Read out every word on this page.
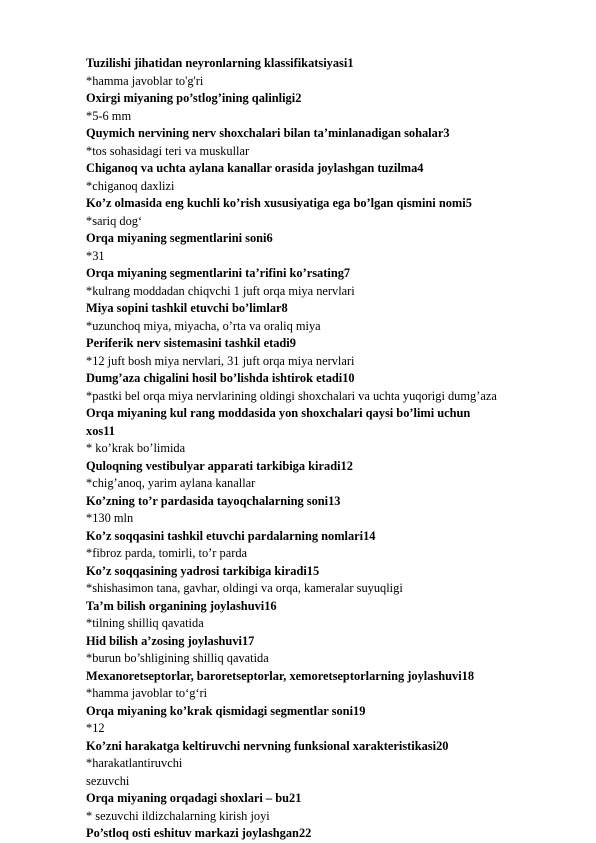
Tuzilishi jihatidan neyronlarning klassifikatsiyasi1
*hamma javoblar to'g'ri
Oxirgi miyaning po’stlog’ining qalinligi2
*5-6 mm
Quymich nervining nerv shoxchalari bilan ta’minlanadigan sohalar3
*tos sohasidagi teri va muskullar
Chiganoq va uchta aylana kanallar orasida joylashgan tuzilma4
*chiganoq daxlizi
Ko’z olmasida eng kuchli ko’rish xususiyatiga ega bo’lgan qismini nomi5
*sariq dog‘
Orqa miyaning segmentlarini soni6
*31
Orqa miyaning segmentlarini ta’rifini ko’rsating7
*kulrang moddadan chiqvchi 1 juft orqa miya nervlari
Miya sopini tashkil etuvchi bo’limlar8
*uzunchoq miya, miyacha, o’rta va oraliq miya
Periferik nerv sistemasini tashkil etadi9
*12 juft bosh miya nervlari, 31 juft orqa miya nervlari
Dumg’aza chigalini hosil bo’lishda ishtirok etadi10
*pastki bel orqa miya nervlarining oldingi shoxchalari va uchta yuqorigi dumg’aza
Orqa miyaning kul rang moddasida yon shoxchalari qaysi bo’limi uchun
xos11
* ko’krak bo’limida
Quloqning vestibulyar apparati tarkibiga kiradi12
*chig’anoq, yarim aylana kanallar
Ko’zning to’r pardasida tayoqchalarning soni13
*130 mln
Ko’z soqqasini tashkil etuvchi pardalarning nomlari14
*fibroz parda, tomirli, to’r parda
Ko’z soqqasining yadrosi tarkibiga kiradi15
*shishasimon tana, gavhar, oldingi va orqa, kameralar suyuqligi
Ta’m bilish organining joylashuvi16
*tilning shilliq qavatida
Hid bilish a’zosing joylashuvi17
*burun bo’shligining shilliq qavatida
Mexanoretseptorlar, baroretseptorlar, xemoretseptorlarning joylashuvi18
*hamma javoblar to‘g‘ri
Orqa miyaning ko’krak qismidagi segmentlar soni19
*12
Ko’zni harakatga keltiruvchi nervning funksional xarakteristikasi20
*harakatlantiruvchi
sezuvchi
Orqa miyaning orqadagi shoxlari – bu21
* sezuvchi ildizchalarning kirish joyi
Po’stloq osti eshituv markazi joylashgan22
